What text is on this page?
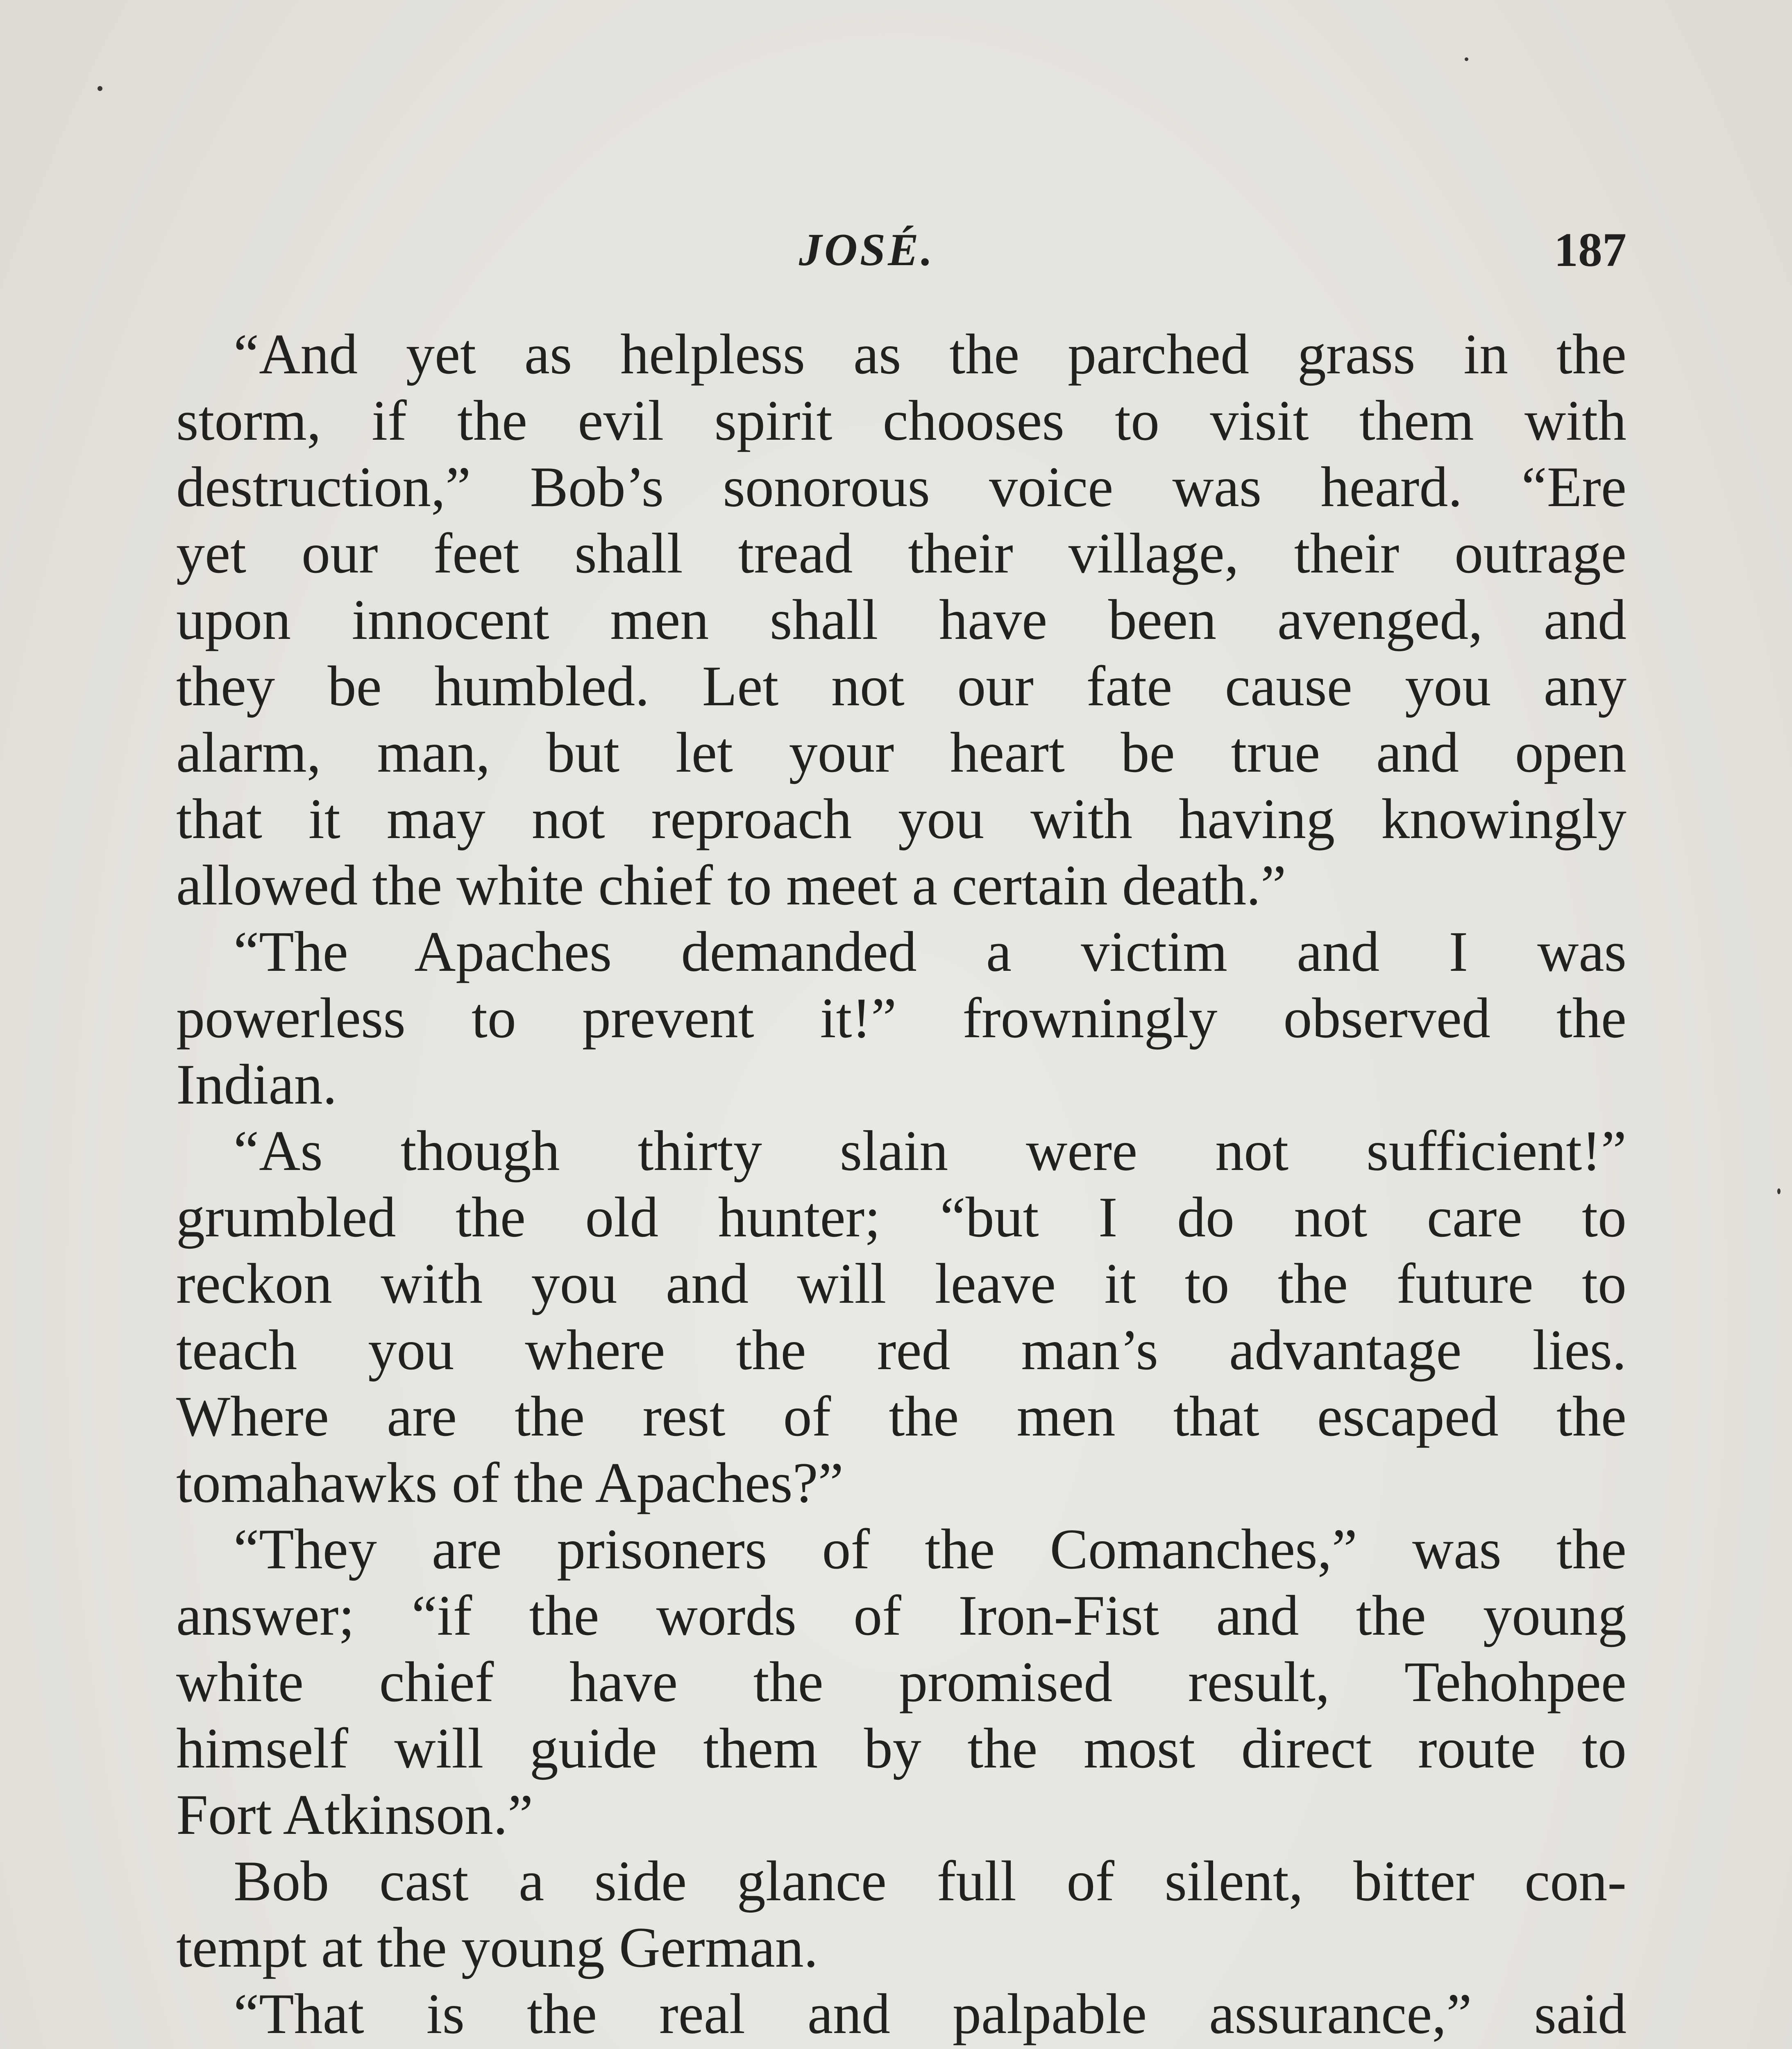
JOSÉ.	187
“And yet as helpless as the parched grass in the
storm, if the evil spirit chooses to visit them with
destruction,” Bob’s sonorous voice was heard. “Ere
yet our feet shall tread their village, their outrage
upon innocent men shall have been avenged, and
they be humbled. Let not our fate cause you any
alarm, man, but let your heart be true and open
that it may not reproach you with having knowingly
allowed the white chief to meet a certain death.”
“The Apaches demanded a victim and I was
powerless to prevent it!” frowningly observed the
Indian.
“As though thirty slain were not sufficient!”
grumbled the old hunter; “but I do not care to
reckon with you and will leave it to the future to
teach you where the red man’s advantage lies.
Where are the rest of the men that escaped the
tomahawks of the Apaches?”
“They are prisoners of the Comanches,” was the
answer; “if the words of Iron-Fist and the young
white chief have the promised result, Tehohpee
himself will guide them by the most direct route to
Fort Atkinson.”
Bob cast a side glance full of silent, bitter con-
tempt at the young German.
“That is the real and palpable assurance,” said
